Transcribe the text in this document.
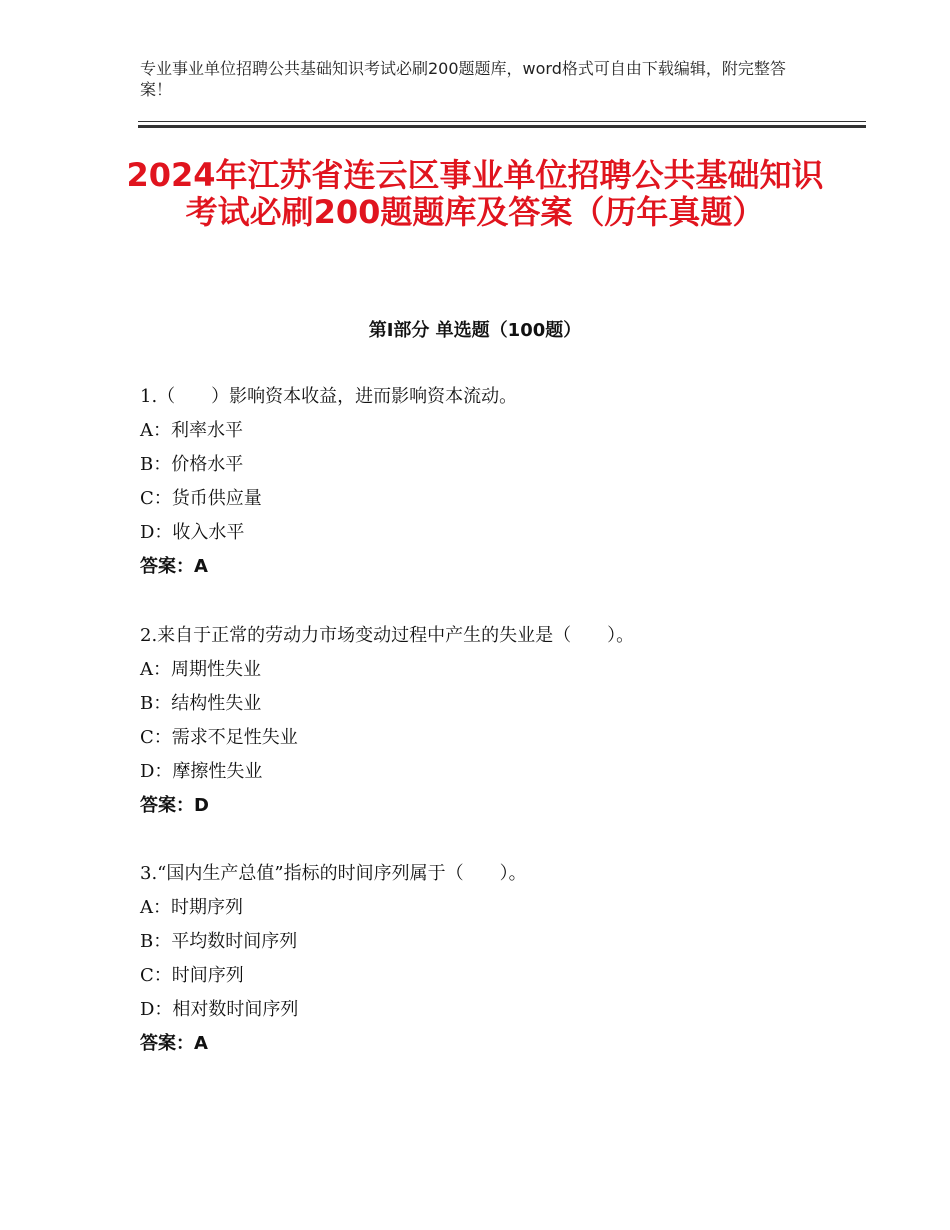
专业事业单位招聘公共基础知识考试必刷200题题库，word格式可自由下载编辑，附完整答案！
2024年江苏省连云区事业单位招聘公共基础知识考试必刷200题题库及答案（历年真题）
第Ⅰ部分 单选题（100题）
1.（　　）影响资本收益，进而影响资本流动。
A：利率水平
B：价格水平
C：货币供应量
D：收入水平
答案：A
2.来自于正常的劳动力市场变动过程中产生的失业是（　　）。
A：周期性失业
B：结构性失业
C：需求不足性失业
D：摩擦性失业
答案：D
3.“国内生产总值”指标的时间序列属于（　　）。
A：时期序列
B：平均数时间序列
C：时间序列
D：相对数时间序列
答案：A
